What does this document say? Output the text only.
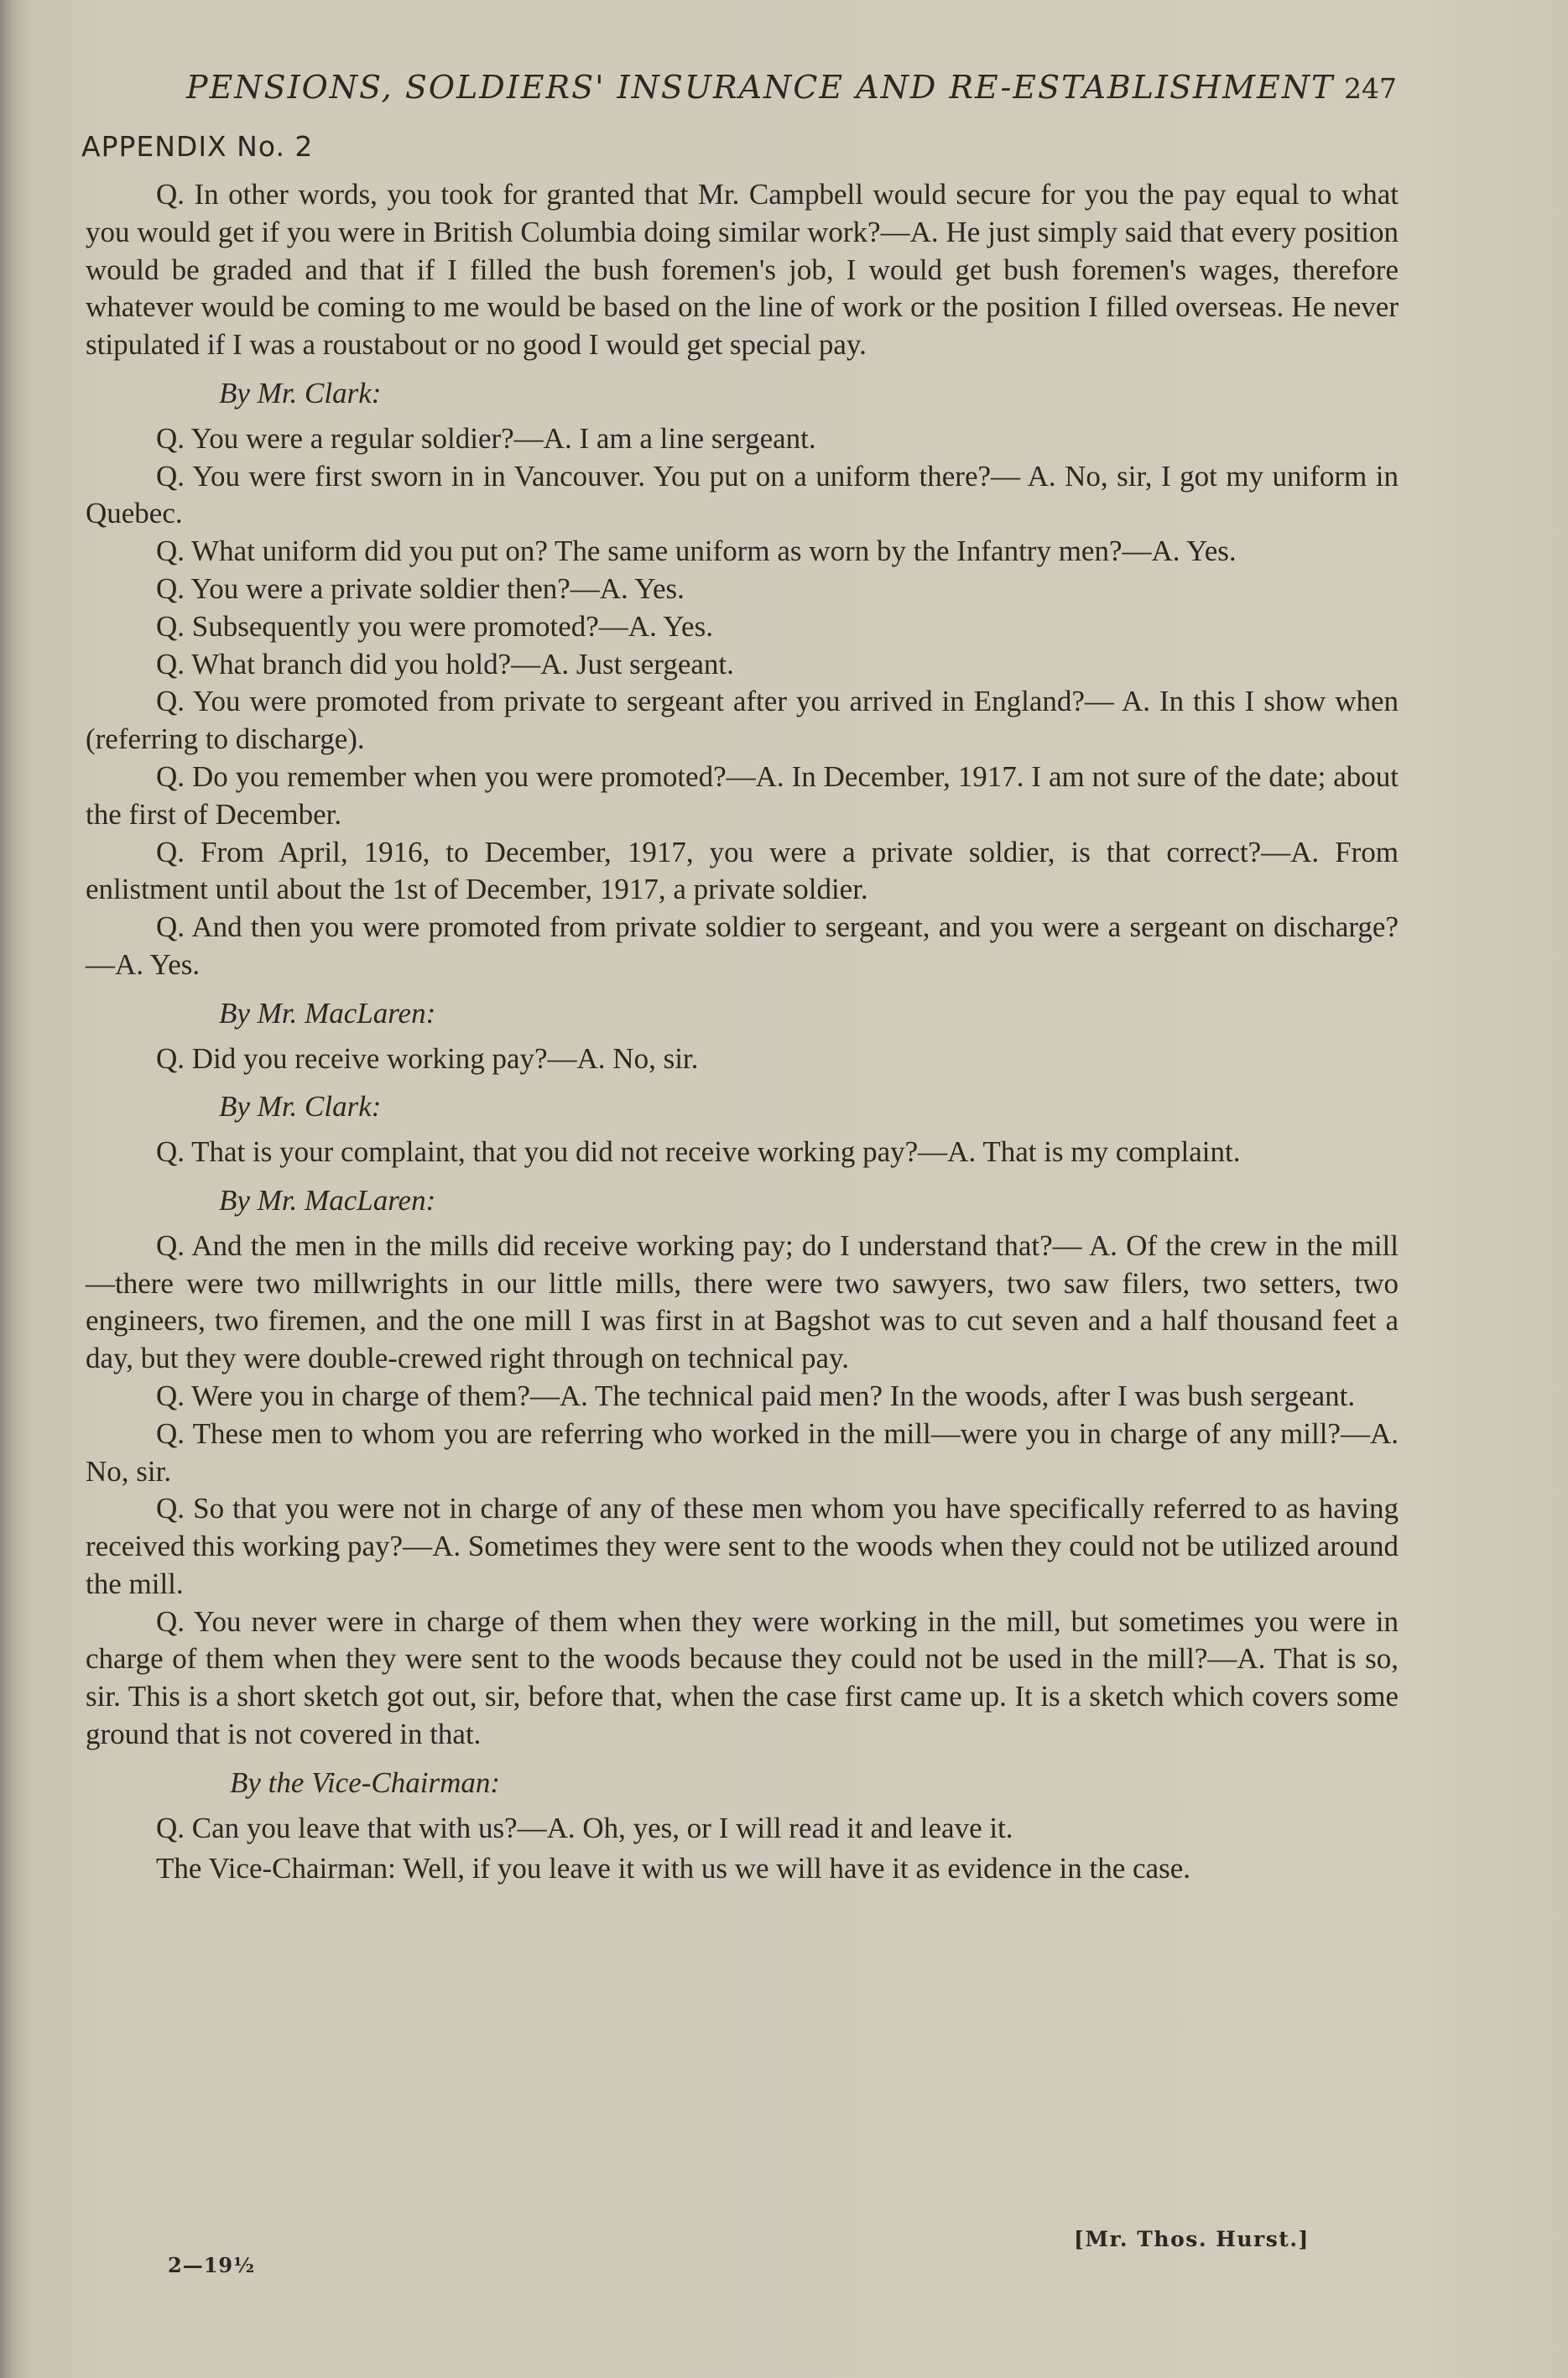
PENSIONS, SOLDIERS' INSURANCE AND RE-ESTABLISHMENT 247
APPENDIX No. 2

Q. In other words, you took for granted that Mr. Campbell would secure for you the pay equal to what you would get if you were in British Columbia doing similar work?—A. He just simply said that every position would be graded and that if I filled the bush foremen's job, I would get bush foremen's wages, therefore whatever would be coming to me would be based on the line of work or the position I filled overseas. He never stipulated if I was a roustabout or no good I would get special pay.

By Mr. Clark:

Q. You were a regular soldier?—A. I am a line sergeant.

Q. You were first sworn in in Vancouver. You put on a uniform there?— A. No, sir, I got my uniform in Quebec.

Q. What uniform did you put on? The same uniform as worn by the Infantry men?—A. Yes.

Q. You were a private soldier then?—A. Yes.

Q. Subsequently you were promoted?—A. Yes.

Q. What branch did you hold?—A. Just sergeant.

Q. You were promoted from private to sergeant after you arrived in England?— A. In this I show when (referring to discharge).

Q. Do you remember when you were promoted?—A. In December, 1917. I am not sure of the date; about the first of December.

Q. From April, 1916, to December, 1917, you were a private soldier, is that correct?—A. From enlistment until about the 1st of December, 1917, a private soldier.

Q. And then you were promoted from private soldier to sergeant, and you were a sergeant on discharge?—A. Yes.

By Mr. MacLaren:

Q. Did you receive working pay?—A. No, sir.

By Mr. Clark:

Q. That is your complaint, that you did not receive working pay?—A. That is my complaint.

By Mr. MacLaren:

Q. And the men in the mills did receive working pay; do I understand that?— A. Of the crew in the mill—there were two millwrights in our little mills, there were two sawyers, two saw filers, two setters, two engineers, two firemen, and the one mill I was first in at Bagshot was to cut seven and a half thousand feet a day, but they were double-crewed right through on technical pay.

Q. Were you in charge of them?—A. The technical paid men? In the woods, after I was bush sergeant.

Q. These men to whom you are referring who worked in the mill—were you in charge of any mill?—A. No, sir.

Q. So that you were not in charge of any of these men whom you have specifically referred to as having received this working pay?—A. Sometimes they were sent to the woods when they could not be utilized around the mill.

Q. You never were in charge of them when they were working in the mill, but sometimes you were in charge of them when they were sent to the woods because they could not be used in the mill?—A. That is so, sir. This is a short sketch got out, sir, before that, when the case first came up. It is a sketch which covers some ground that is not covered in that.

By the Vice-Chairman:

Q. Can you leave that with us?—A. Oh, yes, or I will read it and leave it.

The Vice-Chairman: Well, if you leave it with us we will have it as evidence in the case.

[Mr. Thos. Hurst.]
2—19½
